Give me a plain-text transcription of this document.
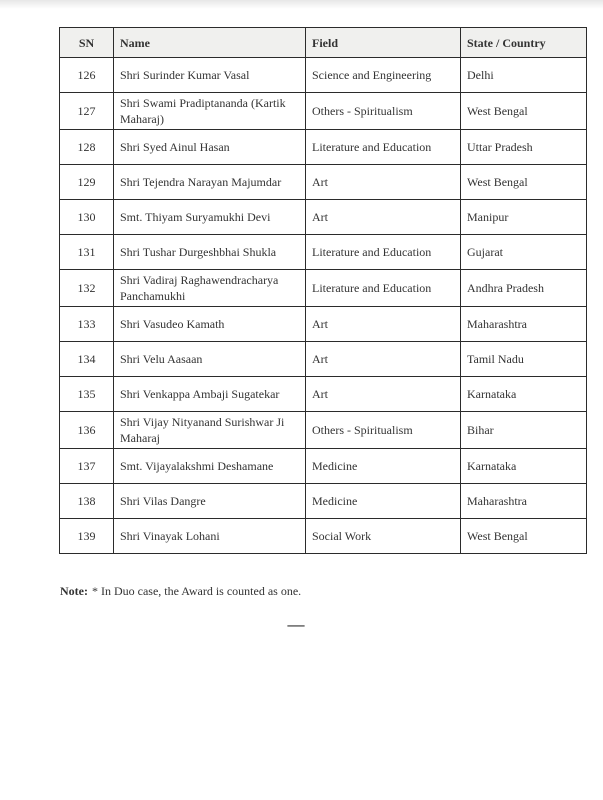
SN	Name	Field	State / Country
126	Shri Surinder Kumar Vasal	Science and Engineering	Delhi
127	Shri Swami Pradiptananda (Kartik Maharaj)	Others - Spiritualism	West Bengal
128	Shri Syed Ainul Hasan	Literature and Education	Uttar Pradesh
129	Shri Tejendra Narayan Majumdar	Art	West Bengal
130	Smt. Thiyam Suryamukhi Devi	Art	Manipur
131	Shri Tushar Durgeshbhai Shukla	Literature and Education	Gujarat
132	Shri Vadiraj Raghawendracharya Panchamukhi	Literature and Education	Andhra Pradesh
133	Shri Vasudeo Kamath	Art	Maharashtra
134	Shri Velu Aasaan	Art	Tamil Nadu
135	Shri Venkappa Ambaji Sugatekar	Art	Karnataka
136	Shri Vijay Nityanand Surishwar Ji Maharaj	Others - Spiritualism	Bihar
137	Smt. Vijayalakshmi Deshamane	Medicine	Karnataka
138	Shri Vilas Dangre	Medicine	Maharashtra
139	Shri Vinayak Lohani	Social Work	West Bengal

Note: * In Duo case, the Award is counted as one.

—
